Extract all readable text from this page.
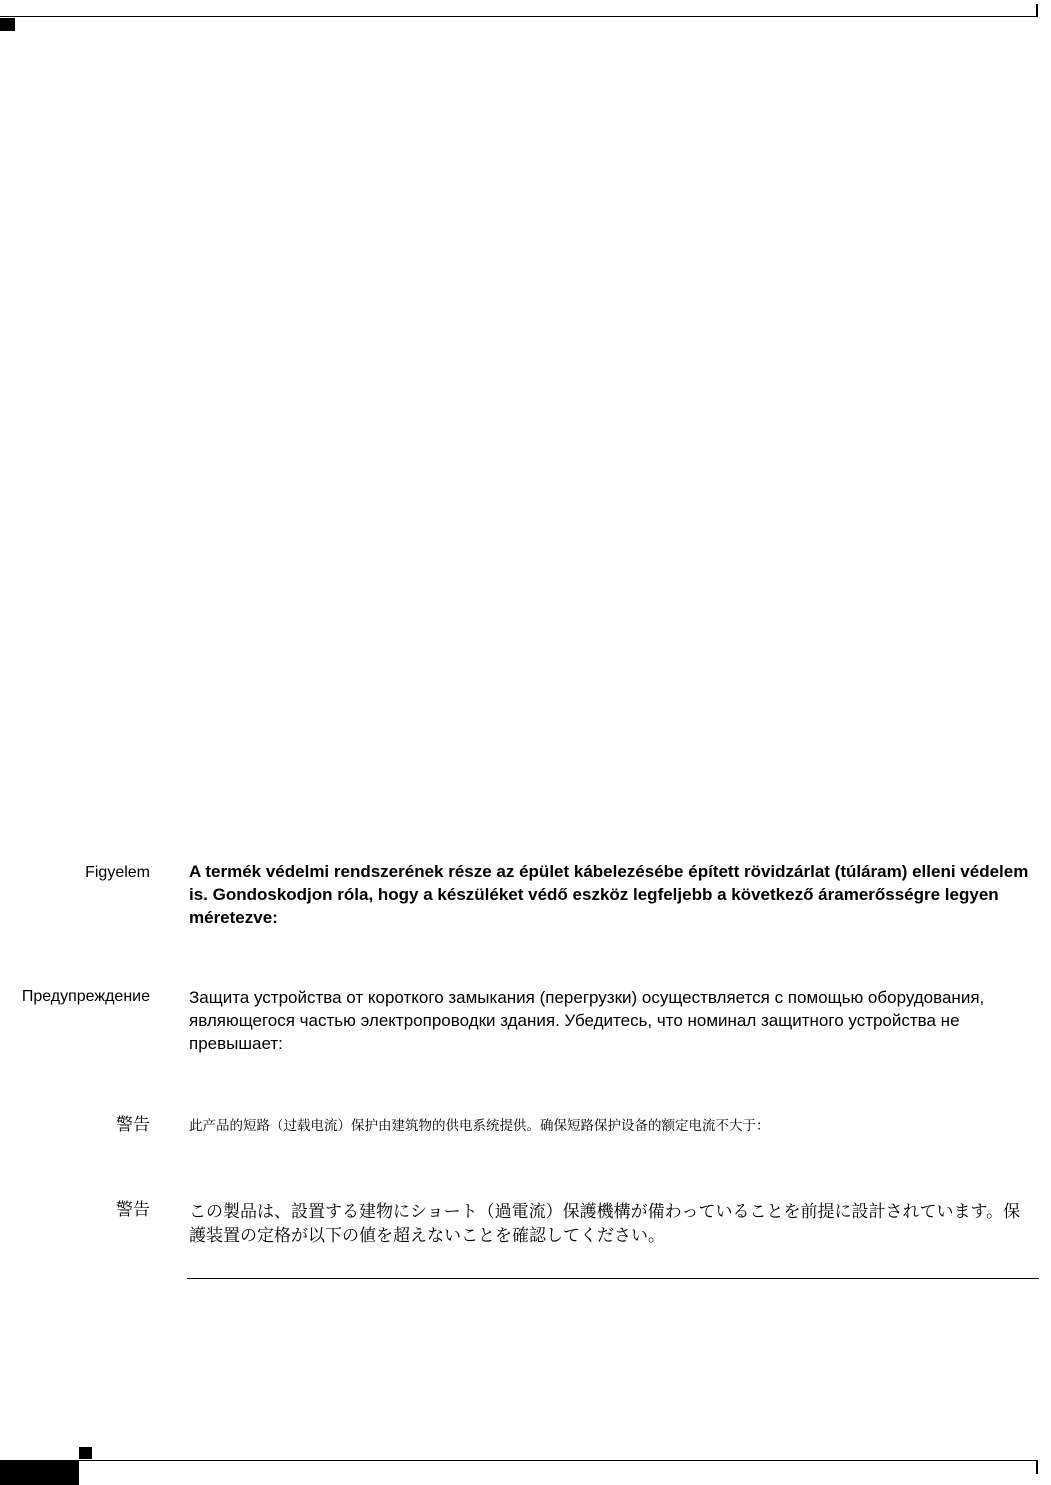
Figyelem A termék védelmi rendszerének része az épület kábelezésébe épített rövidzárlat (túláram) elleni védelem is. Gondoskodjon róla, hogy a készüléket védő eszköz legfeljebb a következő áramerősségre legyen méretezve:
Предупреждение Защита устройства от короткого замыкания (перегрузки) осуществляется с помощью оборудования, являющегося частью электропроводки здания. Убедитесь, что номинал защитного устройства не превышает:
警告	此产品的短路（过载电流）保护由建筑物的供电系统提供。确保短路保护设备的额定电流不大于：
警告 この製品は、設置する建物にショート（過電流）保護機構が備わっていることを前提に設計されています。保護装置の定格が以下の値を超えないことを確認してください。
